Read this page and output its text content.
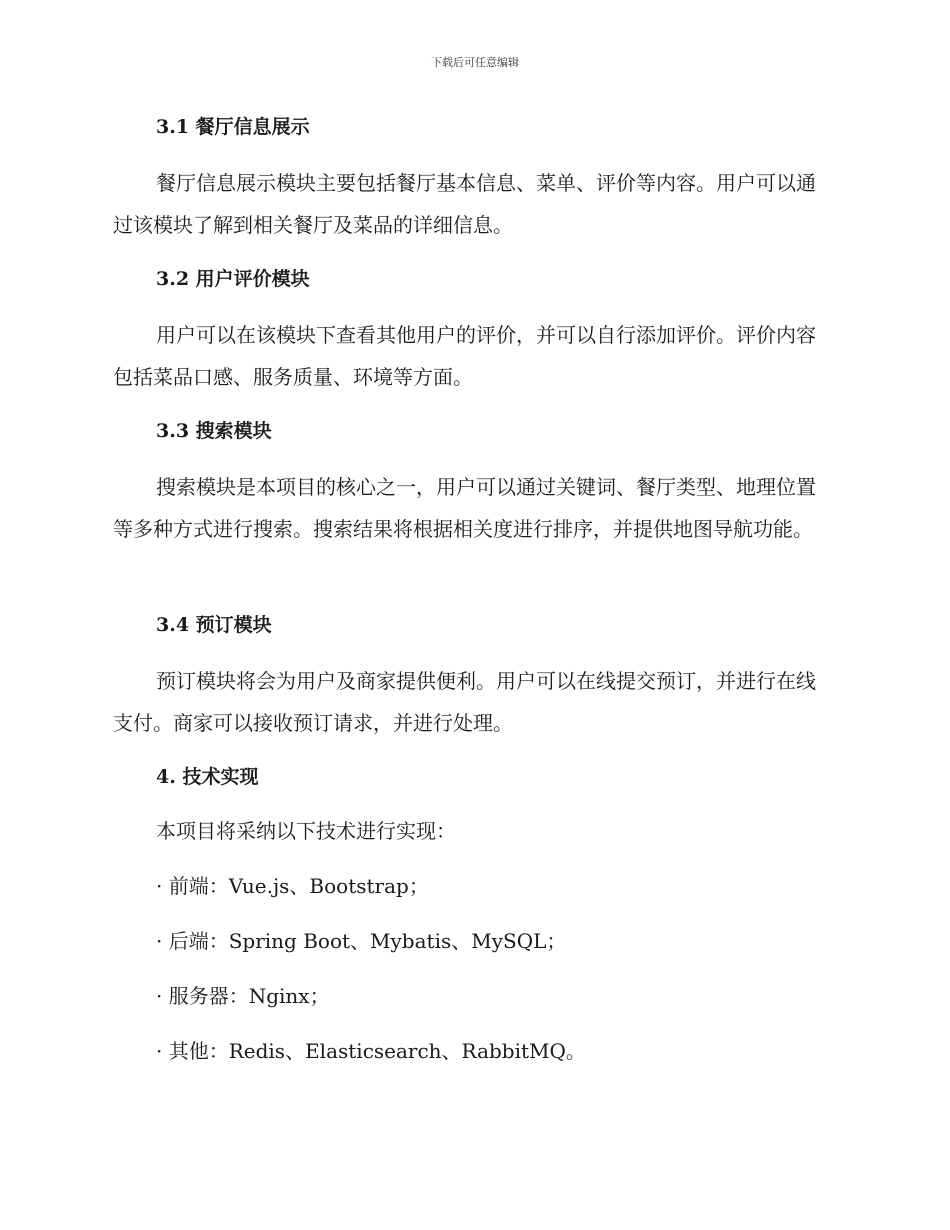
下载后可任意编辑
3.1 餐厅信息展示
餐厅信息展示模块主要包括餐厅基本信息、菜单、评价等内容。用户可以通过该模块了解到相关餐厅及菜品的详细信息。
3.2 用户评价模块
用户可以在该模块下查看其他用户的评价，并可以自行添加评价。评价内容包括菜品口感、服务质量、环境等方面。
3.3 搜索模块
搜索模块是本项目的核心之一，用户可以通过关键词、餐厅类型、地理位置等多种方式进行搜索。搜索结果将根据相关度进行排序，并提供地图导航功能。
3.4 预订模块
预订模块将会为用户及商家提供便利。用户可以在线提交预订，并进行在线支付。商家可以接收预订请求，并进行处理。
4. 技术实现
本项目将采纳以下技术进行实现：
· 前端：Vue.js、Bootstrap；
· 后端：Spring Boot、Mybatis、MySQL；
· 服务器：Nginx；
· 其他：Redis、Elasticsearch、RabbitMQ。
